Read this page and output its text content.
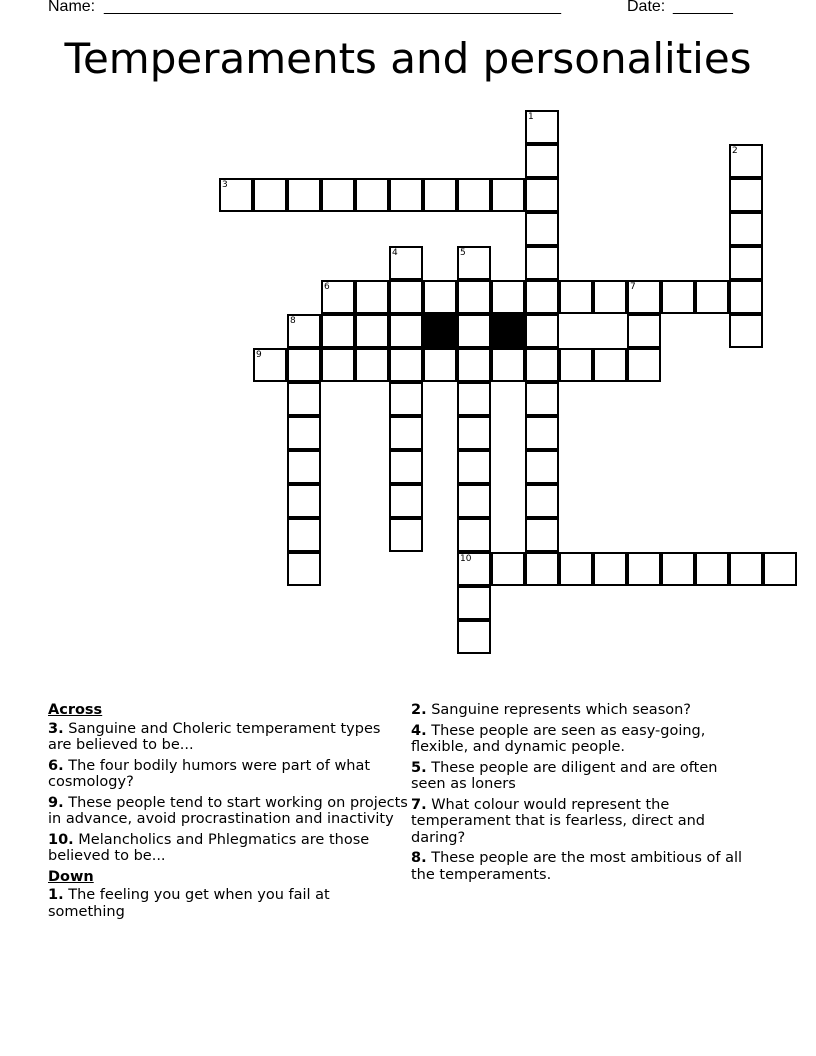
Name: _______________________________________________________	Date: _______
Temperaments and personalities
1
2
3
4	5
6	7
8
9
10
Across
3. Sanguine and Choleric temperament types are believed to be...
6. The four bodily humors were part of what cosmology?
9. These people tend to start working on projects in advance, avoid procrastination and inactivity
10. Melancholics and Phlegmatics are those believed to be...
Down
1. The feeling you get when you fail at something
2. Sanguine represents which season?
4. These people are seen as easy-going, flexible, and dynamic people.
5. These people are diligent and are often seen as loners
7. What colour would represent the temperament that is fearless, direct and daring?
8. These people are the most ambitious of all the temperaments.
